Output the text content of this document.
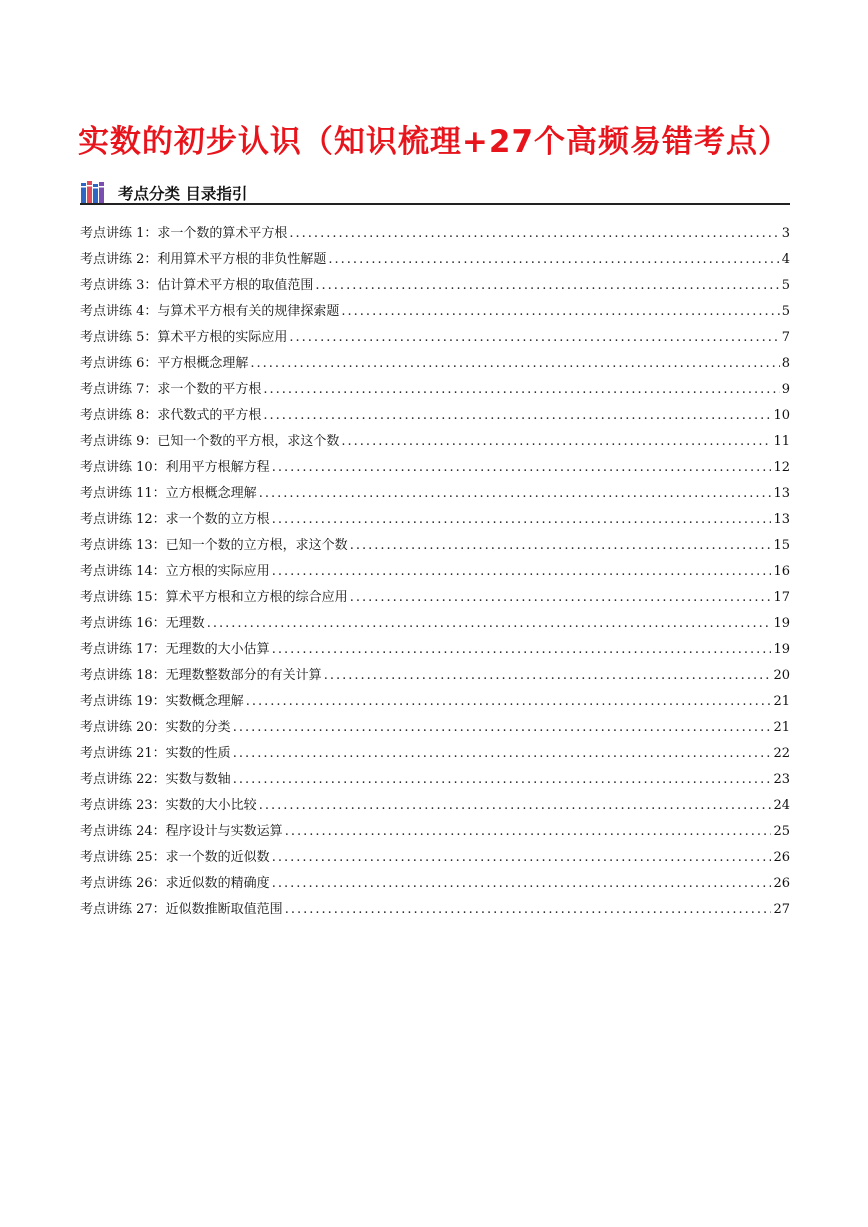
实数的初步认识（知识梳理+27个高频易错考点）
考点分类 目录指引
考点讲练 1：求一个数的算术平方根 .....	3
考点讲练 2：利用算术平方根的非负性解题 .....	4
考点讲练 3：估计算术平方根的取值范围 .....	5
考点讲练 4：与算术平方根有关的规律探索题 .....	5
考点讲练 5：算术平方根的实际应用 .....	7
考点讲练 6：平方根概念理解 .....	8
考点讲练 7：求一个数的平方根 .....	9
考点讲练 8：求代数式的平方根 .....	10
考点讲练 9：已知一个数的平方根，求这个数 .....	11
考点讲练 10：利用平方根解方程 .....	12
考点讲练 11：立方根概念理解 .....	13
考点讲练 12：求一个数的立方根 .....	13
考点讲练 13：已知一个数的立方根，求这个数 .....	15
考点讲练 14：立方根的实际应用 .....	16
考点讲练 15：算术平方根和立方根的综合应用 .....	17
考点讲练 16：无理数 .....	19
考点讲练 17：无理数的大小估算 .....	19
考点讲练 18：无理数整数部分的有关计算 .....	20
考点讲练 19：实数概念理解 .....	21
考点讲练 20：实数的分类 .....	21
考点讲练 21：实数的性质 .....	22
考点讲练 22：实数与数轴 .....	23
考点讲练 23：实数的大小比较 .....	24
考点讲练 24：程序设计与实数运算 .....	25
考点讲练 25：求一个数的近似数 .....	26
考点讲练 26：求近似数的精确度 .....	26
考点讲练 27：近似数推断取值范围 .....	27
